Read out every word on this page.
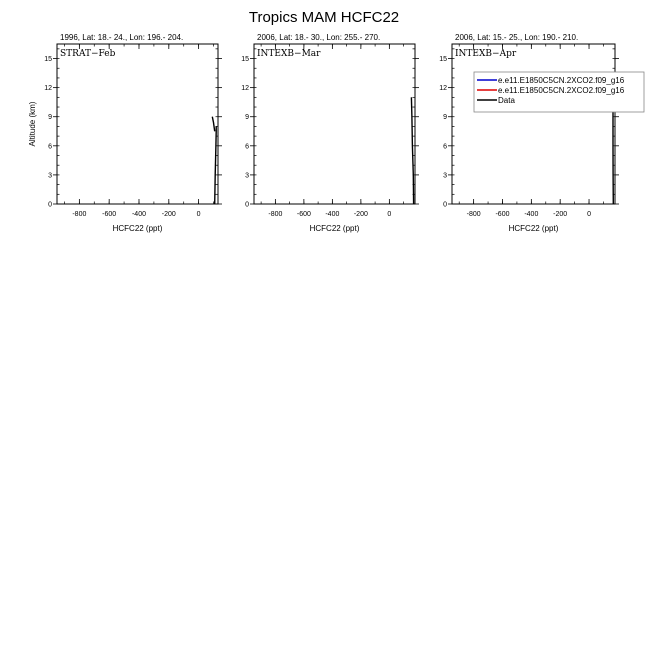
Tropics MAM HCFC22
-800 -600 -400 -200	0
0
3
6
9
12
15
1996, Lat: 18.- 24., Lon: 196.- 204.
STRAT−Feb
HCFC22 (ppt)
Altitude (km)
-800 -600 -400 -200	0
0
3
6
9
12
15
2006, Lat: 18.- 30., Lon: 255.- 270.
INTEXB−Mar
HCFC22 (ppt)
-800 -600 -400 -200	0
0
3
6
9
12
15
2006, Lat: 15.- 25., Lon: 190.- 210.
INTEXB−Apr
HCFC22 (ppt)
e.e11.E1850C5CN.2XCO2.f09_g16
e.e11.E1850C5CN.2XCO2.f09_g16
Data
